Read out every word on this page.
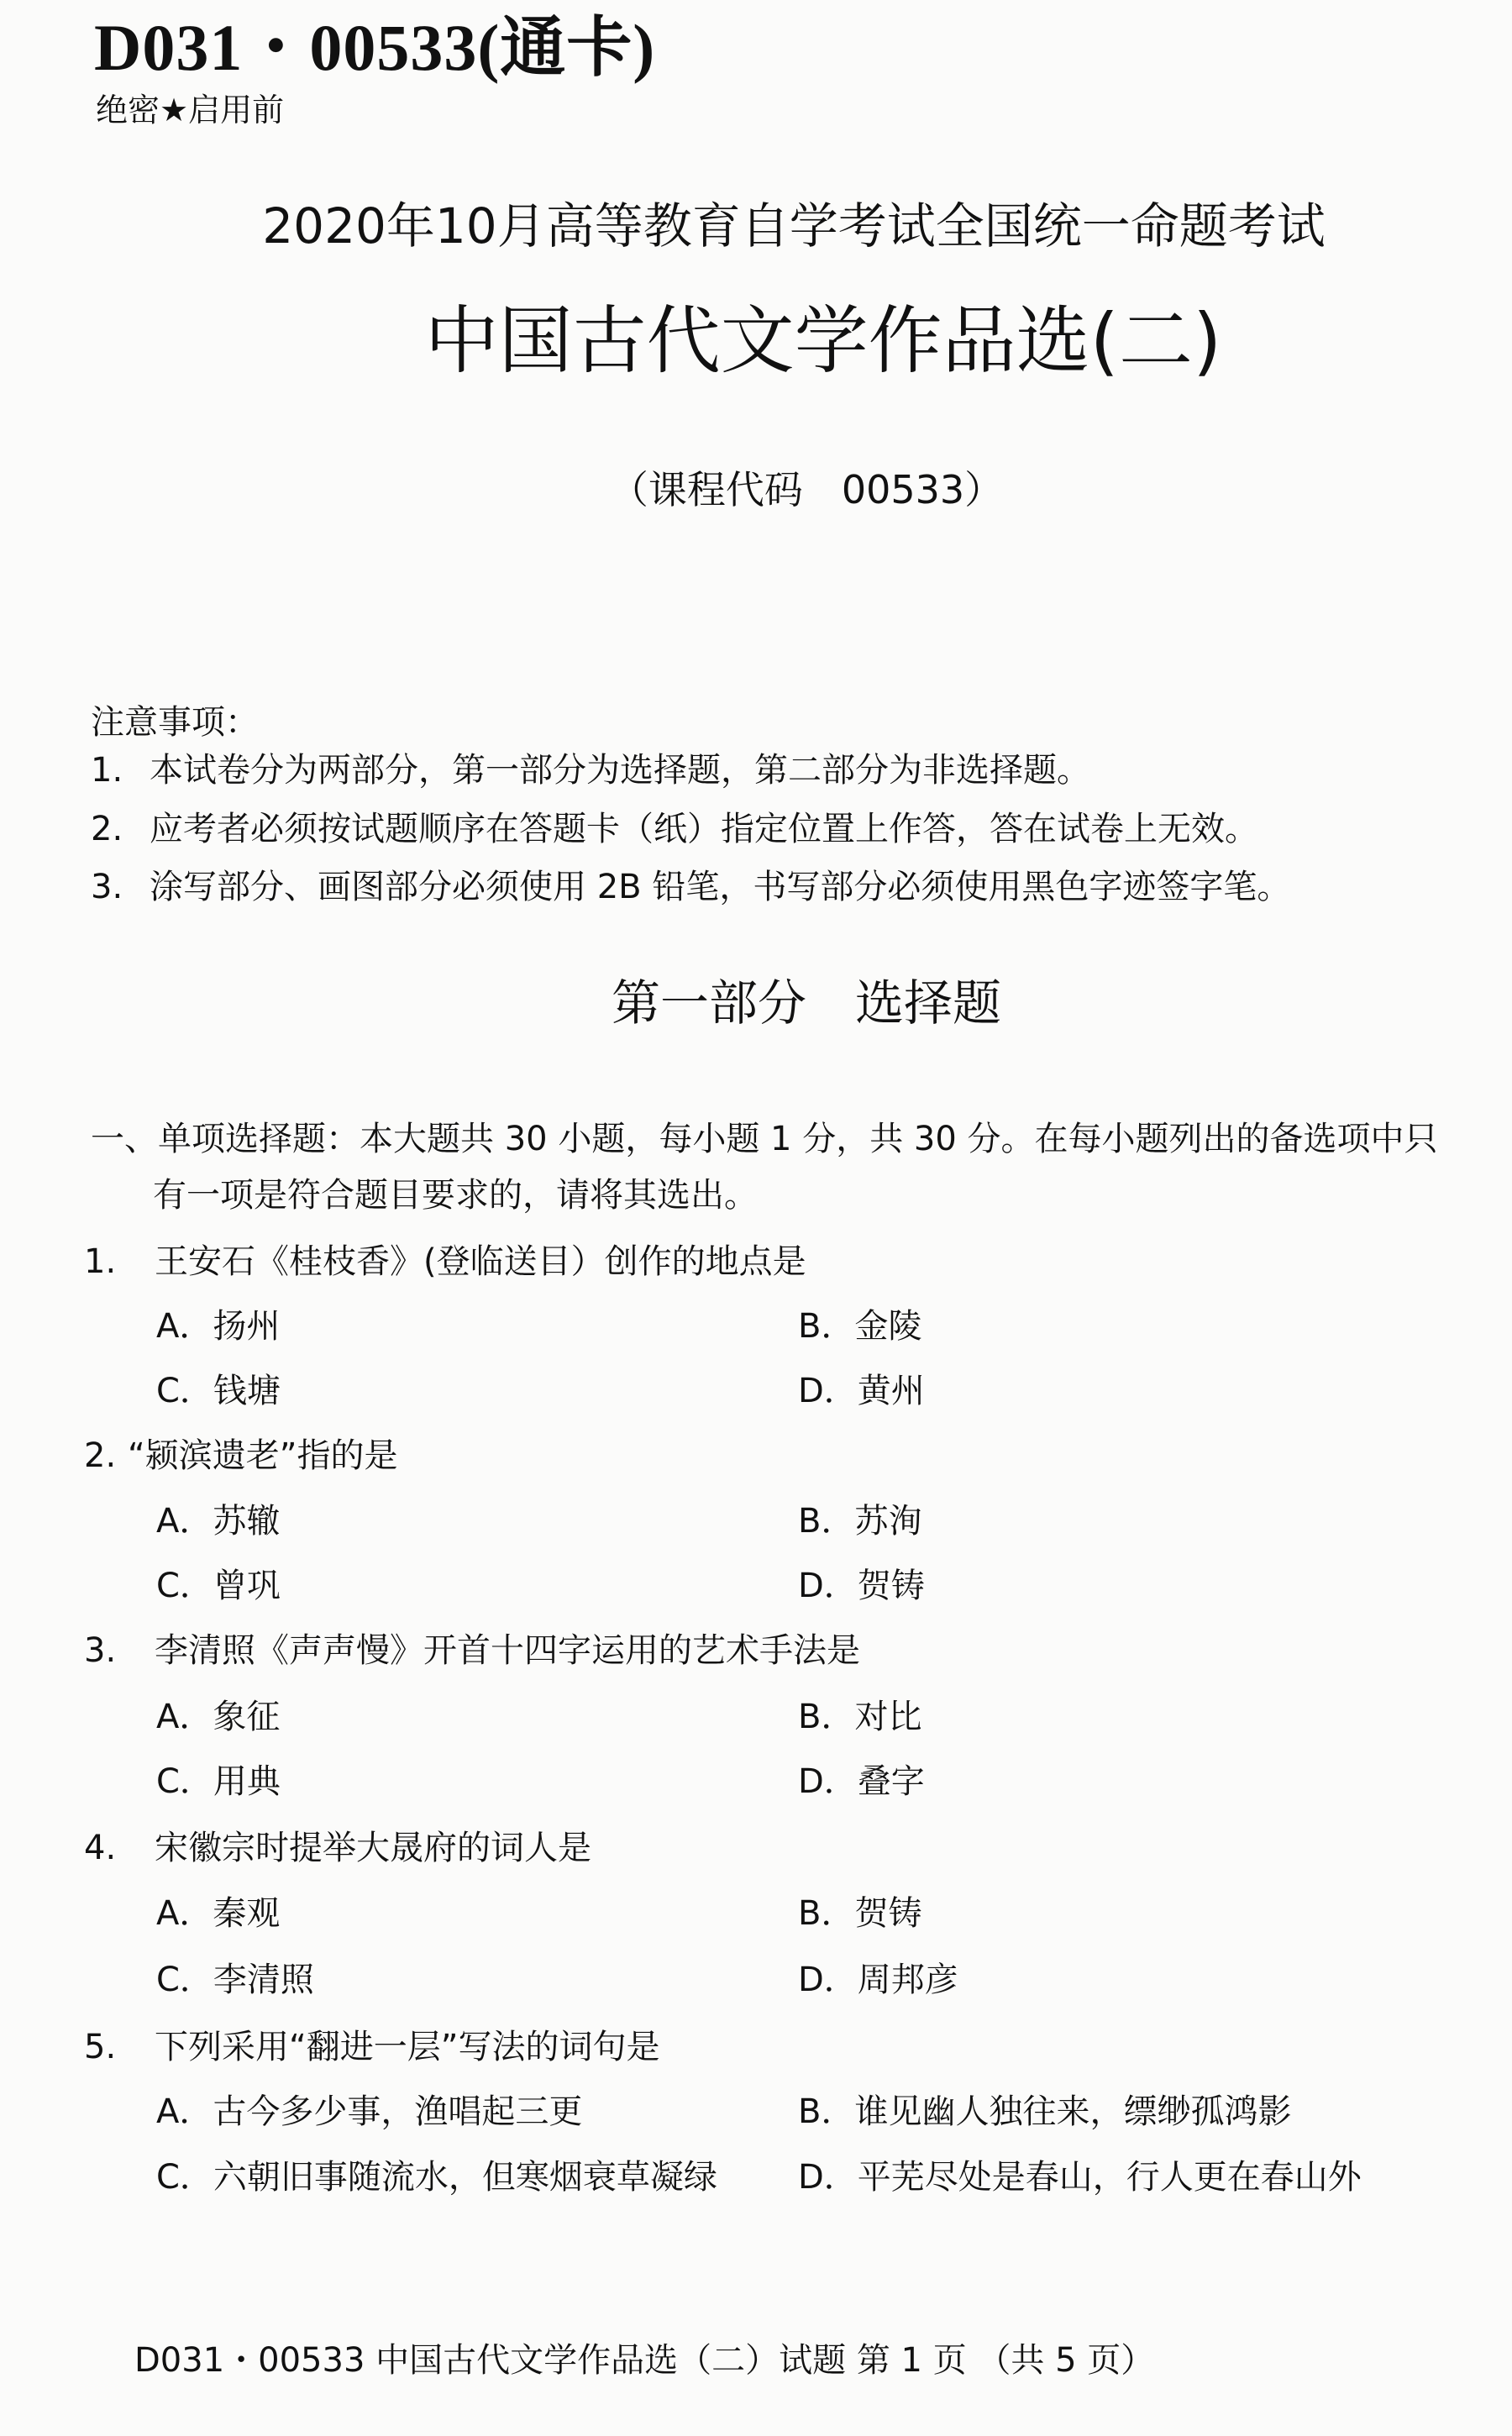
D031・00533(通卡)
绝密★启用前
2020年10月高等教育自学考试全国统一命题考试
中国古代文学作品选(二)
（课程代码　00533）
注意事项：
1. 本试卷分为两部分，第一部分为选择题，第二部分为非选择题。
2. 应考者必须按试题顺序在答题卡（纸）指定位置上作答，答在试卷上无效。
3. 涂写部分、画图部分必须使用 2B 铅笔，书写部分必须使用黑色字迹签字笔。
第一部分　选择题
一、单项选择题：本大题共 30 小题，每小题 1 分，共 30 分。在每小题列出的备选项中只
有一项是符合题目要求的，请将其选出。
1. 王安石《桂枝香》(登临送目）创作的地点是
A．扬州	B．金陵
C．钱塘	D．黄州
2. “颍滨遗老”指的是
A．苏辙	B．苏洵
C．曾巩	D．贺铸
3. 李清照《声声慢》开首十四字运用的艺术手法是
A．象征	B．对比
C．用典	D．叠字
4. 宋徽宗时提举大晟府的词人是
A．秦观	B．贺铸
C．李清照	D．周邦彦
5. 下列采用“翻进一层”写法的词句是
A．古今多少事，渔唱起三更	B．谁见幽人独往来，缥缈孤鸿影
C．六朝旧事随流水，但寒烟衰草凝绿 D．平芜尽处是春山，行人更在春山外
D031・00533 中国古代文学作品选（二）试题 第 1 页 （共 5 页）
